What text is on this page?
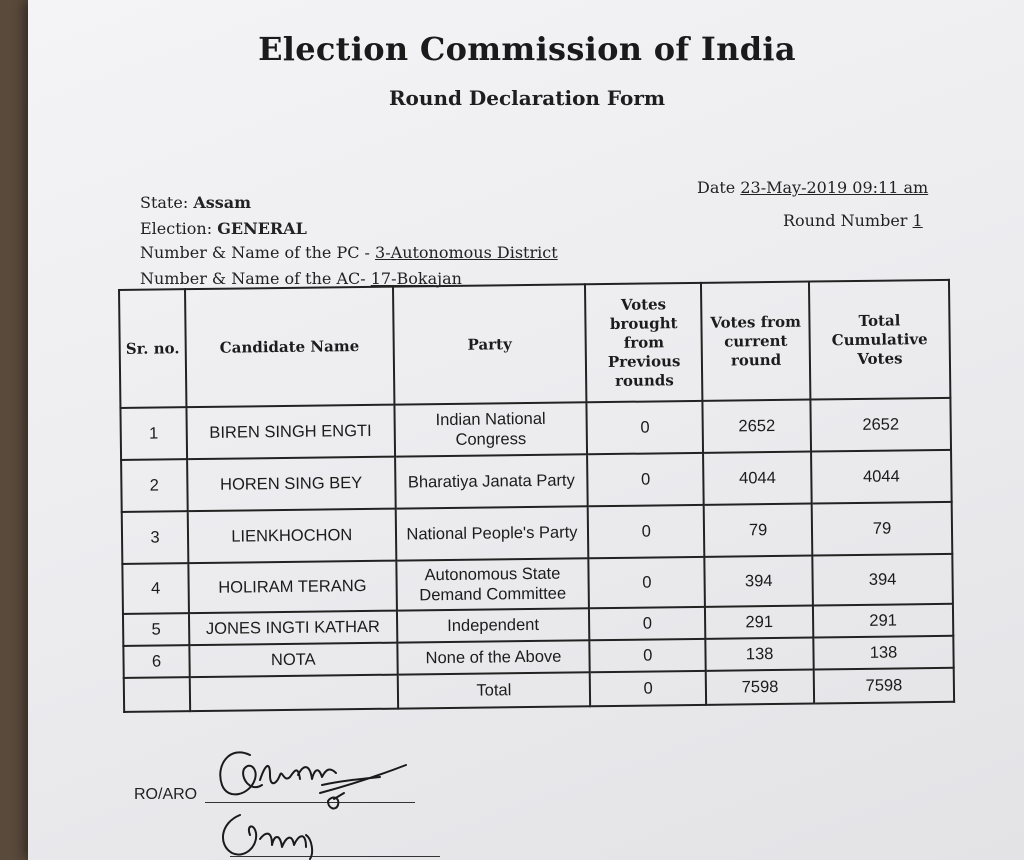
Election Commission of India
Round Declaration Form
Date 23-May-2019 09:11 am
Round Number 1
State: Assam
Election: GENERAL
Number & Name of the PC - 3-Autonomous District
Number & Name of the AC- 17-Bokajan
Sr. no.	Candidate Name	Party	Votes brought from Previous rounds	Votes from current round	Total Cumulative Votes
1	BIREN SINGH ENGTI	Indian National Congress	0	2652	2652
2	HOREN SING BEY	Bharatiya Janata Party	0	4044	4044
3	LIENKHOCHON	National People's Party	0	79	79
4	HOLIRAM TERANG	Autonomous State Demand Committee	0	394	394
5	JONES INGTI KATHAR	Independent	0	291	291
6	NOTA	None of the Above	0	138	138
		Total	0	7598	7598
RO/ARO
